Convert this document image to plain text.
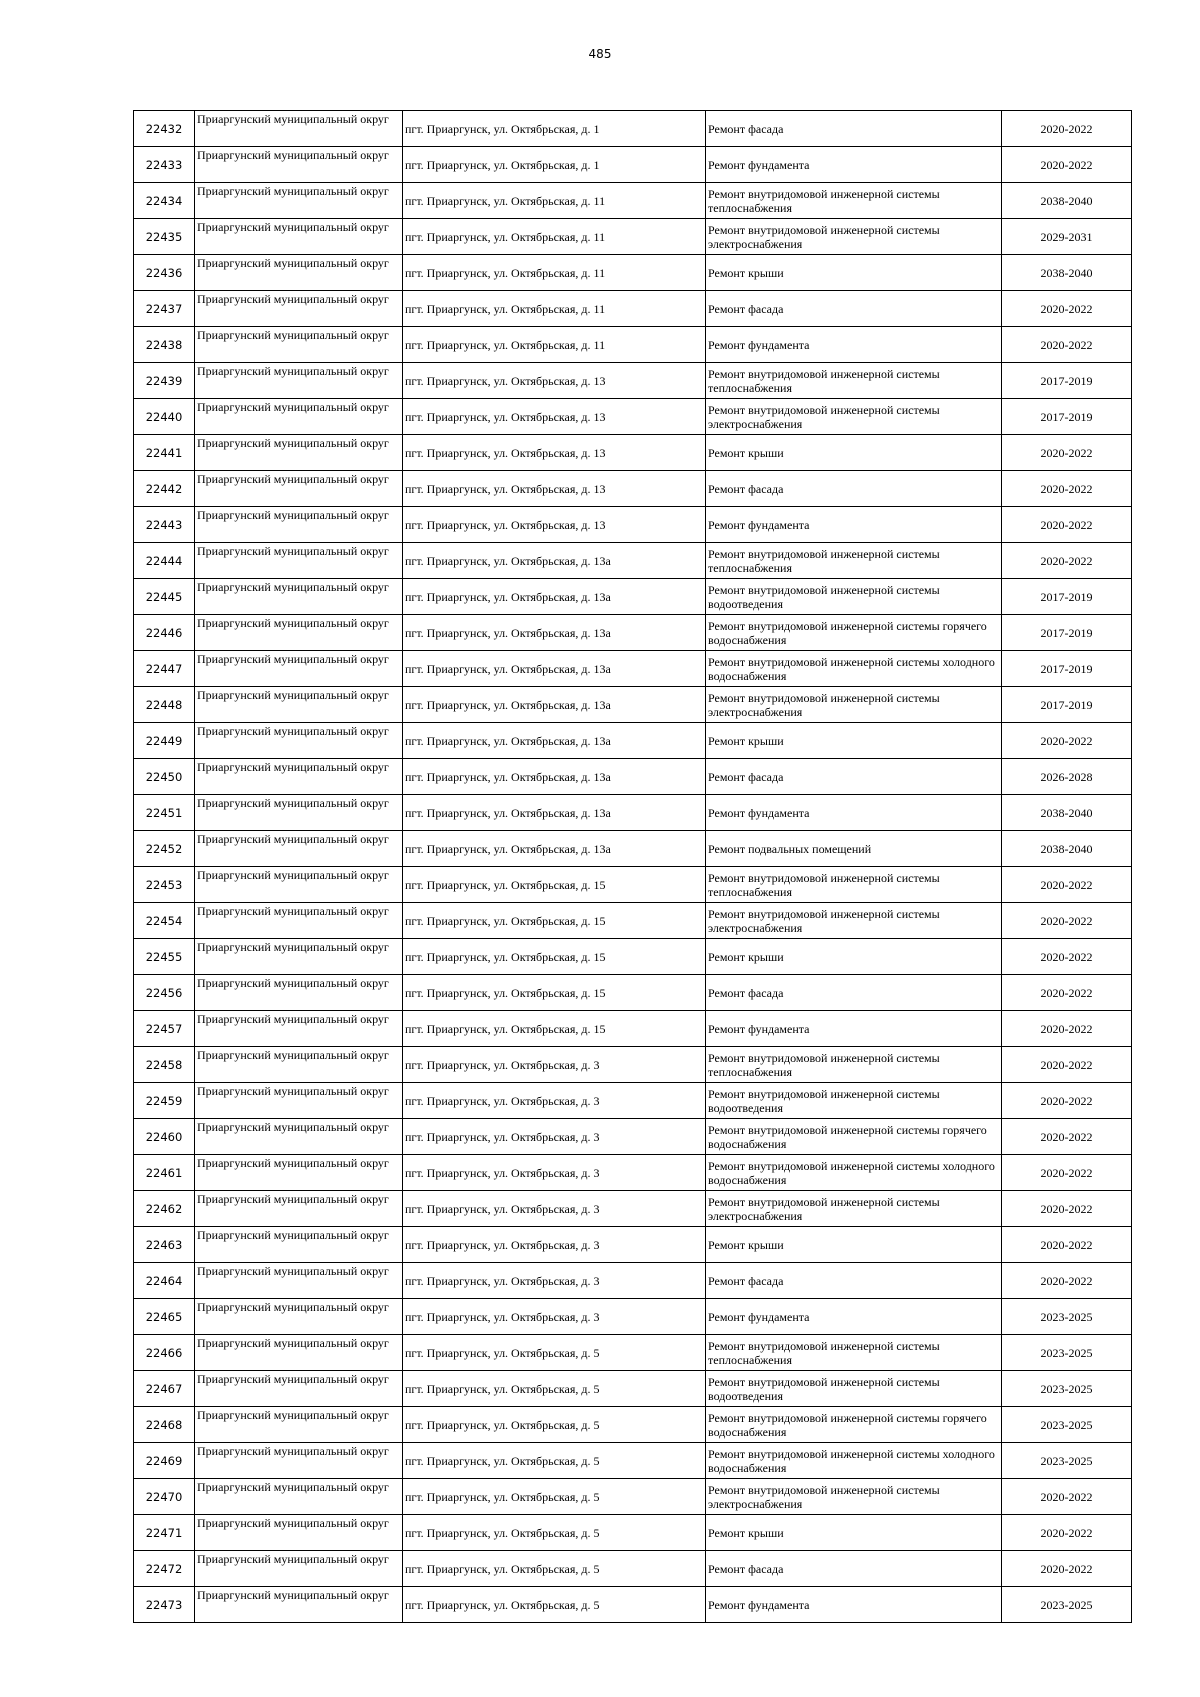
485
22432	Приаргунский муниципальный округ	пгт. Приаргунск, ул. Октябрьская, д. 1	Ремонт фасада	2020-2022
22433	Приаргунский муниципальный округ	пгт. Приаргунск, ул. Октябрьская, д. 1	Ремонт фундамента	2020-2022
22434	Приаргунский муниципальный округ	пгт. Приаргунск, ул. Октябрьская, д. 11	Ремонт внутридомовой инженерной системы теплоснабжения	2038-2040
22435	Приаргунский муниципальный округ	пгт. Приаргунск, ул. Октябрьская, д. 11	Ремонт внутридомовой инженерной системы электроснабжения	2029-2031
22436	Приаргунский муниципальный округ	пгт. Приаргунск, ул. Октябрьская, д. 11	Ремонт крыши	2038-2040
22437	Приаргунский муниципальный округ	пгт. Приаргунск, ул. Октябрьская, д. 11	Ремонт фасада	2020-2022
22438	Приаргунский муниципальный округ	пгт. Приаргунск, ул. Октябрьская, д. 11	Ремонт фундамента	2020-2022
22439	Приаргунский муниципальный округ	пгт. Приаргунск, ул. Октябрьская, д. 13	Ремонт внутридомовой инженерной системы теплоснабжения	2017-2019
22440	Приаргунский муниципальный округ	пгт. Приаргунск, ул. Октябрьская, д. 13	Ремонт внутридомовой инженерной системы электроснабжения	2017-2019
22441	Приаргунский муниципальный округ	пгт. Приаргунск, ул. Октябрьская, д. 13	Ремонт крыши	2020-2022
22442	Приаргунский муниципальный округ	пгт. Приаргунск, ул. Октябрьская, д. 13	Ремонт фасада	2020-2022
22443	Приаргунский муниципальный округ	пгт. Приаргунск, ул. Октябрьская, д. 13	Ремонт фундамента	2020-2022
22444	Приаргунский муниципальный округ	пгт. Приаргунск, ул. Октябрьская, д. 13а	Ремонт внутридомовой инженерной системы теплоснабжения	2020-2022
22445	Приаргунский муниципальный округ	пгт. Приаргунск, ул. Октябрьская, д. 13а	Ремонт внутридомовой инженерной системы водоотведения	2017-2019
22446	Приаргунский муниципальный округ	пгт. Приаргунск, ул. Октябрьская, д. 13а	Ремонт внутридомовой инженерной системы горячего водоснабжения	2017-2019
22447	Приаргунский муниципальный округ	пгт. Приаргунск, ул. Октябрьская, д. 13а	Ремонт внутридомовой инженерной системы холодного водоснабжения	2017-2019
22448	Приаргунский муниципальный округ	пгт. Приаргунск, ул. Октябрьская, д. 13а	Ремонт внутридомовой инженерной системы электроснабжения	2017-2019
22449	Приаргунский муниципальный округ	пгт. Приаргунск, ул. Октябрьская, д. 13а	Ремонт крыши	2020-2022
22450	Приаргунский муниципальный округ	пгт. Приаргунск, ул. Октябрьская, д. 13а	Ремонт фасада	2026-2028
22451	Приаргунский муниципальный округ	пгт. Приаргунск, ул. Октябрьская, д. 13а	Ремонт фундамента	2038-2040
22452	Приаргунский муниципальный округ	пгт. Приаргунск, ул. Октябрьская, д. 13а	Ремонт подвальных помещений	2038-2040
22453	Приаргунский муниципальный округ	пгт. Приаргунск, ул. Октябрьская, д. 15	Ремонт внутридомовой инженерной системы теплоснабжения	2020-2022
22454	Приаргунский муниципальный округ	пгт. Приаргунск, ул. Октябрьская, д. 15	Ремонт внутридомовой инженерной системы электроснабжения	2020-2022
22455	Приаргунский муниципальный округ	пгт. Приаргунск, ул. Октябрьская, д. 15	Ремонт крыши	2020-2022
22456	Приаргунский муниципальный округ	пгт. Приаргунск, ул. Октябрьская, д. 15	Ремонт фасада	2020-2022
22457	Приаргунский муниципальный округ	пгт. Приаргунск, ул. Октябрьская, д. 15	Ремонт фундамента	2020-2022
22458	Приаргунский муниципальный округ	пгт. Приаргунск, ул. Октябрьская, д. 3	Ремонт внутридомовой инженерной системы теплоснабжения	2020-2022
22459	Приаргунский муниципальный округ	пгт. Приаргунск, ул. Октябрьская, д. 3	Ремонт внутридомовой инженерной системы водоотведения	2020-2022
22460	Приаргунский муниципальный округ	пгт. Приаргунск, ул. Октябрьская, д. 3	Ремонт внутридомовой инженерной системы горячего водоснабжения	2020-2022
22461	Приаргунский муниципальный округ	пгт. Приаргунск, ул. Октябрьская, д. 3	Ремонт внутридомовой инженерной системы холодного водоснабжения	2020-2022
22462	Приаргунский муниципальный округ	пгт. Приаргунск, ул. Октябрьская, д. 3	Ремонт внутридомовой инженерной системы электроснабжения	2020-2022
22463	Приаргунский муниципальный округ	пгт. Приаргунск, ул. Октябрьская, д. 3	Ремонт крыши	2020-2022
22464	Приаргунский муниципальный округ	пгт. Приаргунск, ул. Октябрьская, д. 3	Ремонт фасада	2020-2022
22465	Приаргунский муниципальный округ	пгт. Приаргунск, ул. Октябрьская, д. 3	Ремонт фундамента	2023-2025
22466	Приаргунский муниципальный округ	пгт. Приаргунск, ул. Октябрьская, д. 5	Ремонт внутридомовой инженерной системы теплоснабжения	2023-2025
22467	Приаргунский муниципальный округ	пгт. Приаргунск, ул. Октябрьская, д. 5	Ремонт внутридомовой инженерной системы водоотведения	2023-2025
22468	Приаргунский муниципальный округ	пгт. Приаргунск, ул. Октябрьская, д. 5	Ремонт внутридомовой инженерной системы горячего водоснабжения	2023-2025
22469	Приаргунский муниципальный округ	пгт. Приаргунск, ул. Октябрьская, д. 5	Ремонт внутридомовой инженерной системы холодного водоснабжения	2023-2025
22470	Приаргунский муниципальный округ	пгт. Приаргунск, ул. Октябрьская, д. 5	Ремонт внутридомовой инженерной системы электроснабжения	2020-2022
22471	Приаргунский муниципальный округ	пгт. Приаргунск, ул. Октябрьская, д. 5	Ремонт крыши	2020-2022
22472	Приаргунский муниципальный округ	пгт. Приаргунск, ул. Октябрьская, д. 5	Ремонт фасада	2020-2022
22473	Приаргунский муниципальный округ	пгт. Приаргунск, ул. Октябрьская, д. 5	Ремонт фундамента	2023-2025
